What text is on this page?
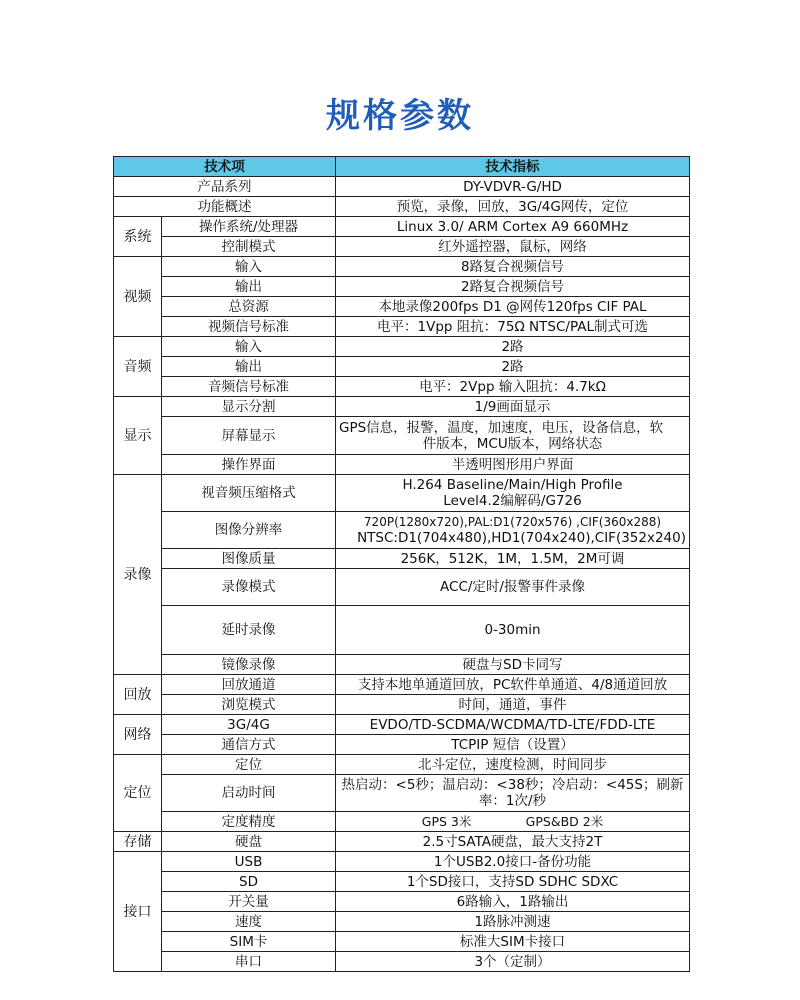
规格参数
技术项		技术指标
产品系列		DY-VDVR-G/HD
功能概述		预览，录像，回放，3G/4G网传，定位
系统	操作系统/处理器	Linux 3.0/ ARM Cortex A9 660MHz
	控制模式	红外遥控器，鼠标，网络
视频	输入	8路复合视频信号
	输出	2路复合视频信号
	总资源	本地录像200fps D1 @网传120fps CIF PAL
	视频信号标准	电平：1Vpp 阻抗：75Ω NTSC/PAL制式可选
音频	输入	2路
	输出	2路
	音频信号标准	电平：2Vpp 输入阻抗：4.7kΩ
显示	显示分割	1/9画面显示
	屏幕显示	GPS信息，报警，温度，加速度，电压，设备信息，软
件版本，MCU版本，网络状态

	操作界面	半透明图形用户界面
录像	视音频压缩格式	H.264 Baseline/Main/High Profile
Level4.2编解码/G726

	图像分辨率	720P(1280x720),PAL:D1(720x576) ,CIF(360x288)
NTSC:D1(704x480),HD1(704x240),CIF(352x240)

	图像质量	256K，512K，1M，1.5M，2M可调
	录像模式	ACC/定时/报警事件录像
	延时录像	0-30min
	镜像录像	硬盘与SD卡同写
回放	回放通道	支持本地单通道回放，PC软件单通道、4/8通道回放
	浏览模式	时间，通道，事件
网络	3G/4G	EVDO/TD-SCDMA/WCDMA/TD-LTE/FDD-LTE
	通信方式	TCPIP 短信（设置）
定位	定位	北斗定位，速度检测，时间同步
	启动时间	热启动：<5秒；温启动：<38秒；冷启动：<45S；刷新
率：1次/秒

	定度精度	GPS 3米 GPS&BD 2米
存储	硬盘	2.5寸SATA硬盘，最大支持2T
接口	USB	1个USB2.0接口-备份功能
	SD	1个SD接口，支持SD SDHC SDXC
	开关量	6路输入，1路输出
	速度	1路脉冲测速
	SIM卡	标准大SIM卡接口
	串口	3个（定制）
